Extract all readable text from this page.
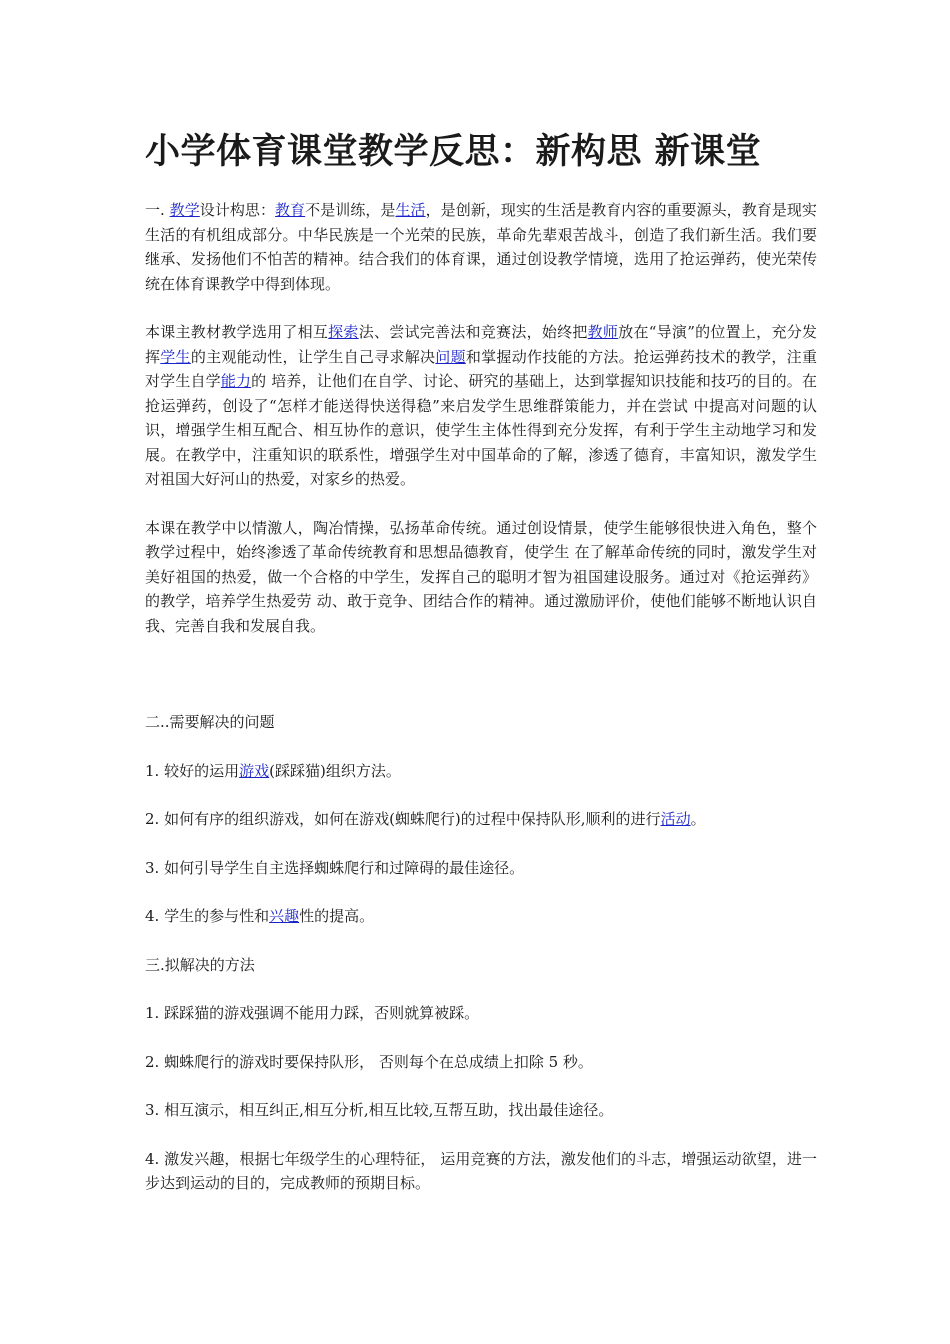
小学体育课堂教学反思：新构思 新课堂

一. 教学设计构思：教育不是训练，是生活，是创新，现实的生活是教育内容的重要源头，教育是现实生活的有机组成部分。中华民族是一个光荣的民族，革命先辈艰苦战斗，创造了我们新生活。我们要继承、发扬他们不怕苦的精神。结合我们的体育课，通过创设教学情境，选用了抢运弹药，使光荣传统在体育课教学中得到体现。

本课主教材教学选用了相互探索法、尝试完善法和竞赛法，始终把教师放在“导演”的位置上，充分发挥学生的主观能动性，让学生自己寻求解决问题和掌握动作技能的方法。抢运弹药技术的教学，注重对学生自学能力的 培养，让他们在自学、讨论、研究的基础上，达到掌握知识技能和技巧的目的。在抢运弹药，创设了“怎样才能送得快送得稳”来启发学生思维群策能力，并在尝试 中提高对问题的认识，增强学生相互配合、相互协作的意识，使学生主体性得到充分发挥，有利于学生主动地学习和发展。在教学中，注重知识的联系性，增强学生对中国革命的了解，渗透了德育，丰富知识，激发学生对祖国大好河山的热爱，对家乡的热爱。

本课在教学中以情激人，陶冶情操，弘扬革命传统。通过创设情景，使学生能够很快进入角色，整个教学过程中，始终渗透了革命传统教育和思想品德教育，使学生 在了解革命传统的同时，激发学生对美好祖国的热爱，做一个合格的中学生，发挥自己的聪明才智为祖国建设服务。通过对《抢运弹药》的教学，培养学生热爱劳 动、敢于竞争、团结合作的精神。通过激励评价，使他们能够不断地认识自我、完善自我和发展自我。

二..需要解决的问题

1. 较好的运用游戏(踩踩猫)组织方法。

2. 如何有序的组织游戏，如何在游戏(蜘蛛爬行)的过程中保持队形,顺利的进行活动。

3. 如何引导学生自主选择蜘蛛爬行和过障碍的最佳途径。

4. 学生的参与性和兴趣性的提高。

三.拟解决的方法

1. 踩踩猫的游戏强调不能用力踩，否则就算被踩。

2. 蜘蛛爬行的游戏时要保持队形， 否则每个在总成绩上扣除 5 秒。

3. 相互演示，相互纠正,相互分析,相互比较,互帮互助，找出最佳途径。

4. 激发兴趣，根据七年级学生的心理特征， 运用竞赛的方法，激发他们的斗志，增强运动欲望，进一步达到运动的目的，完成教师的预期目标。
